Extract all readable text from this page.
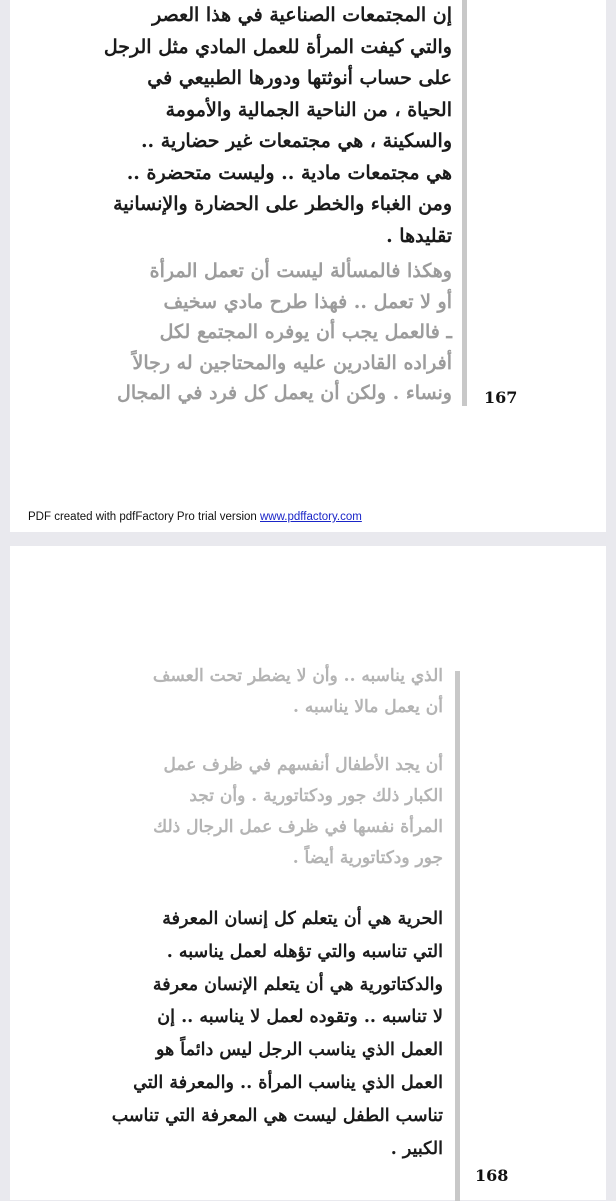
إن المجتمعات الصناعية في هذا العصر
والتي كيفت المرأة للعمل المادي مثل الرجل
على حساب أنوثتها ودورها الطبيعي في
الحياة ، من الناحية الجمالية والأمومة
والسكينة ، هي مجتمعات غير حضارية ..
هي مجتمعات مادية .. وليست متحضرة ..
ومن الغباء والخطر على الحضارة والإنسانية
تقليدها .
وهكذا فالمسألة ليست أن تعمل المرأة
أو لا تعمل .. فهذا طرح مادي سخيف
ـ فالعمل يجب أن يوفره المجتمع لكل
أفراده القادرين عليه والمحتاجين له رجالاً
ونساء . ولكن أن يعمل كل فرد في المجال 167
PDF created with pdfFactory Pro trial version www.pdffactory.com
الذي يناسبه .. وأن لا يضطر تحت العسف
أن يعمل مالا يناسبه .
أن يجد الأطفال أنفسهم في ظرف عمل
الكبار ذلك جور ودكتاتورية . وأن تجد
المرأة نفسها في ظرف عمل الرجال ذلك
جور ودكتاتورية أيضاً .
الحرية هي أن يتعلم كل إنسان المعرفة
التي تناسبه والتي تؤهله لعمل يناسبه .
والدكتاتورية هي أن يتعلم الإنسان معرفة
لا تناسبه .. وتقوده لعمل لا يناسبه .. إن
العمل الذي يناسب الرجل ليس دائماً هو
العمل الذي يناسب المرأة .. والمعرفة التي
تناسب الطفل ليست هي المعرفة التي تناسب
الكبير .
168
